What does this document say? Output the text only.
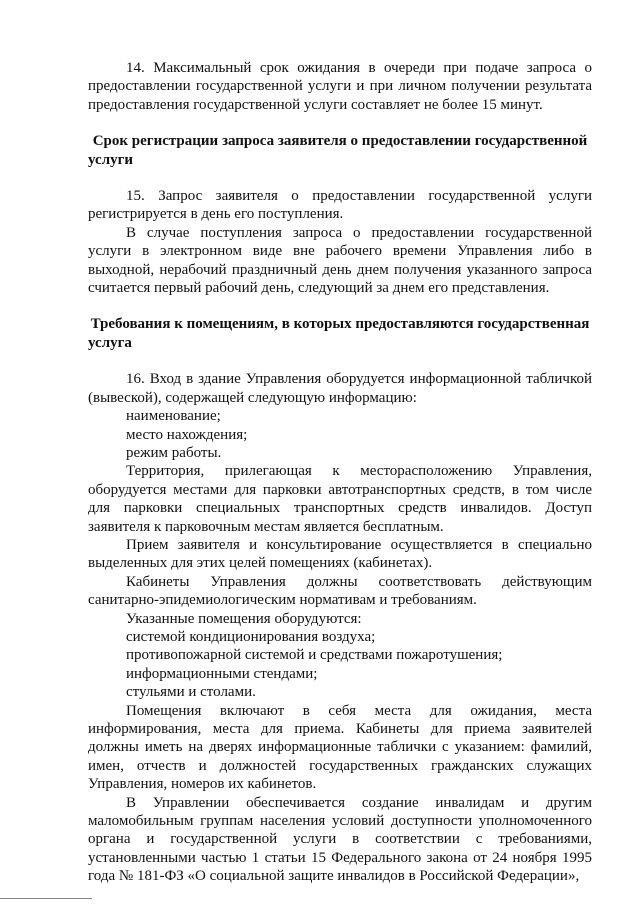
14. Максимальный срок ожидания в очереди при подаче запроса о предоставлении государственной услуги и при личном получении результата предоставления государственной услуги составляет не более 15 минут.

Срок регистрации запроса заявителя о предоставлении государственной услуги

15. Запрос заявителя о предоставлении государственной услуги регистрируется в день его поступления.

В случае поступления запроса о предоставлении государственной услуги в электронном виде вне рабочего времени Управления либо в выходной, нерабочий праздничный день днем получения указанного запроса считается первый рабочий день, следующий за днем его представления.

Требования к помещениям, в которых предоставляются государственная услуга

16. Вход в здание Управления оборудуется информационной табличкой (вывеской), содержащей следующую информацию:

наименование;

место нахождения;

режим работы.

Территория, прилегающая к месторасположению Управления, оборудуется местами для парковки автотранспортных средств, в том числе для парковки специальных транспортных средств инвалидов. Доступ заявителя к парковочным местам является бесплатным.

Прием заявителя и консультирование осуществляется в специально выделенных для этих целей помещениях (кабинетах).

Кабинеты Управления должны соответствовать действующим санитарно-эпидемиологическим нормативам и требованиям.

Указанные помещения оборудуются:

системой кондиционирования воздуха;

противопожарной системой и средствами пожаротушения;

информационными стендами;

стульями и столами.

Помещения включают в себя места для ожидания, места информирования, места для приема. Кабинеты для приема заявителей должны иметь на дверях информационные таблички с указанием: фамилий, имен, отчеств и должностей государственных гражданских служащих Управления, номеров их кабинетов.

В Управлении обеспечивается создание инвалидам и другим маломобильным группам населения условий доступности уполномоченного органа и государственной услуги в соответствии с требованиями, установленными частью 1 статьи 15 Федерального закона от 24 ноября 1995 года № 181-ФЗ «О социальной защите инвалидов в Российской Федерации»,
